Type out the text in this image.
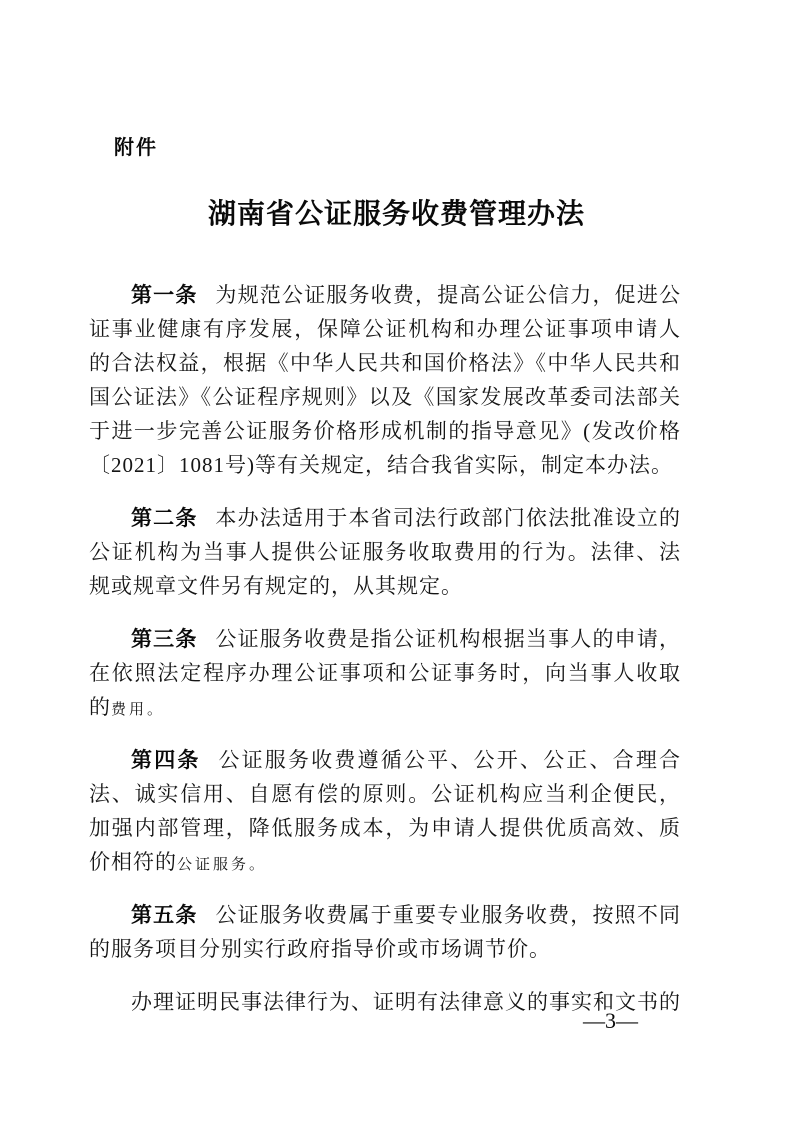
附件
湖南省公证服务收费管理办法

第一条 为规范公证服务收费，提高公证公信力，促进公证事业健康有序发展，保障公证机构和办理公证事项申请人的合法权益，根据《中华人民共和国价格法》《中华人民共和国公证法》《公证程序规则》以及《国家发展改革委司法部关于进一步完善公证服务价格形成机制的指导意见》(发改价格〔2021〕1081号)等有关规定，结合我省实际，制定本办法。

第二条 本办法适用于本省司法行政部门依法批准设立的公证机构为当事人提供公证服务收取费用的行为。法律、法规或规章文件另有规定的，从其规定。

第三条 公证服务收费是指公证机构根据当事人的申请，在依照法定程序办理公证事项和公证事务时，向当事人收取的费用。

第四条 公证服务收费遵循公平、公开、公正、合理合法、诚实信用、自愿有偿的原则。公证机构应当利企便民，加强内部管理，降低服务成本，为申请人提供优质高效、质价相符的公证服务。

第五条 公证服务收费属于重要专业服务收费，按照不同的服务项目分别实行政府指导价或市场调节价。

办理证明民事法律行为、证明有法律意义的事实和文书的

—3—
